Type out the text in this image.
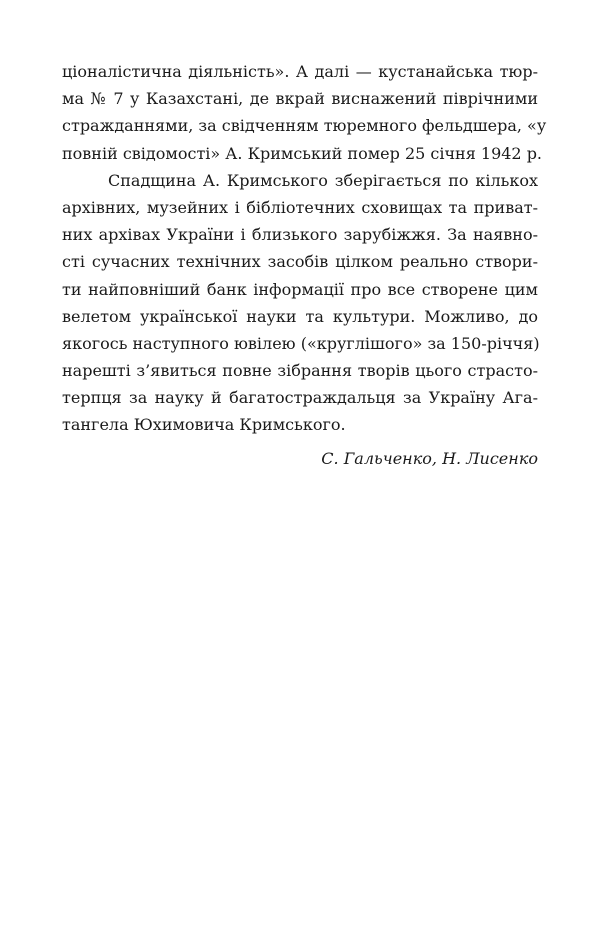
ціоналістична діяльність». А далі — кустанайська тюр-
ма № 7 у Казахстані, де вкрай виснажений піврічними
стражданнями, за свідченням тюремного фельдшера, «у
повній свідомості» А. Кримський помер 25 січня 1942 р.
Спадщина А. Кримського зберігається по кількох
архівних, музейних і бібліотечних сховищах та приват-
них архівах України і близького зарубіжжя. За наявно-
сті сучасних технічних засобів цілком реально створи-
ти найповніший банк інформації про все створене цим
велетом української науки та культури. Можливо, до
якогось наступного ювілею («круглішого» за 150-річчя)
нарешті з’явиться повне зібрання творів цього страсто-
терпця за науку й багатостраждальця за Україну Ага-
тангела Юхимовича Кримського.
С. Гальченко, Н. Лисенко
